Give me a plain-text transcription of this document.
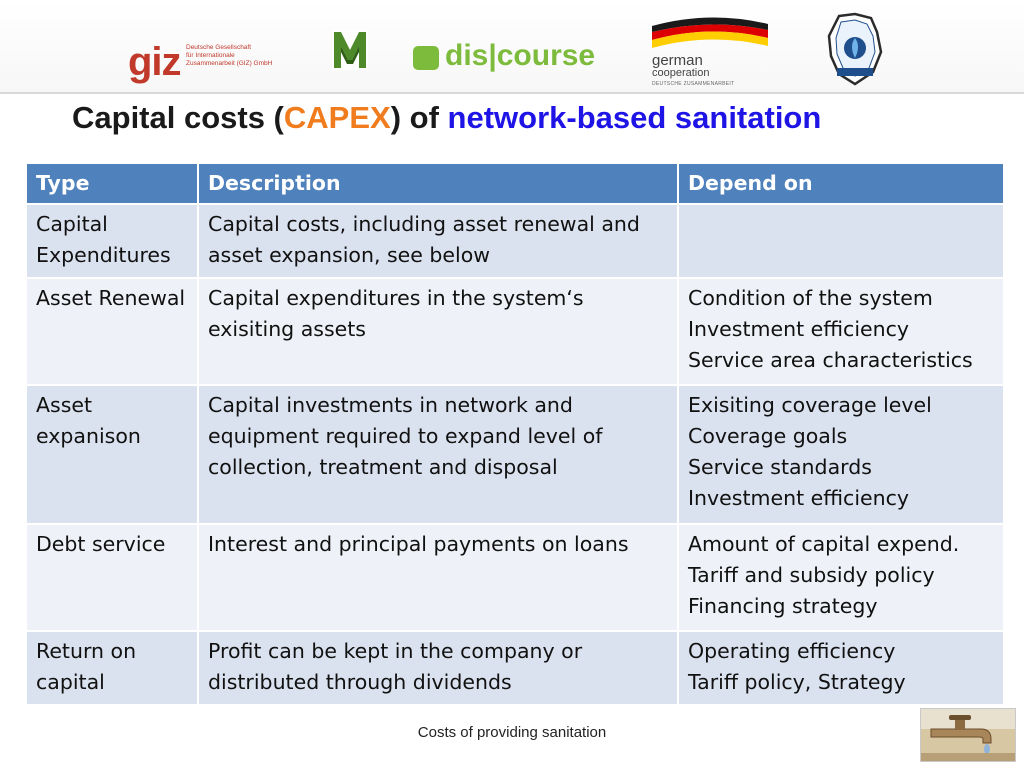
giz Deutsche Gesellschaft
für Internationale
Zusammenarbeit (GIZ) GmbH	dis|course	german
cooperation
DEUTSCHE ZUSAMMENARBEIT
Capital costs (CAPEX) of network-based sanitation
Type	Description	Depend on

Capital
Expenditures	Capital costs, including asset renewal and
asset expansion, see below	

Asset Renewal	Capital expenditures in the system‘s
exisiting assets	Condition of the system
Investment efficiency
Service area characteristics

Asset
expanison	Capital investments in network and
equipment required to expand level of
collection, treatment and disposal	Exisiting coverage level
Coverage goals
Service standards
Investment efficiency

Debt service	Interest and principal payments on loans	Amount of capital expend.
Tariff and subsidy policy
Financing strategy

Return on
capital	Profit can be kept in the company or
distributed through dividends	Operating efficiency
Tariff policy, Strategy
Costs of providing sanitation
